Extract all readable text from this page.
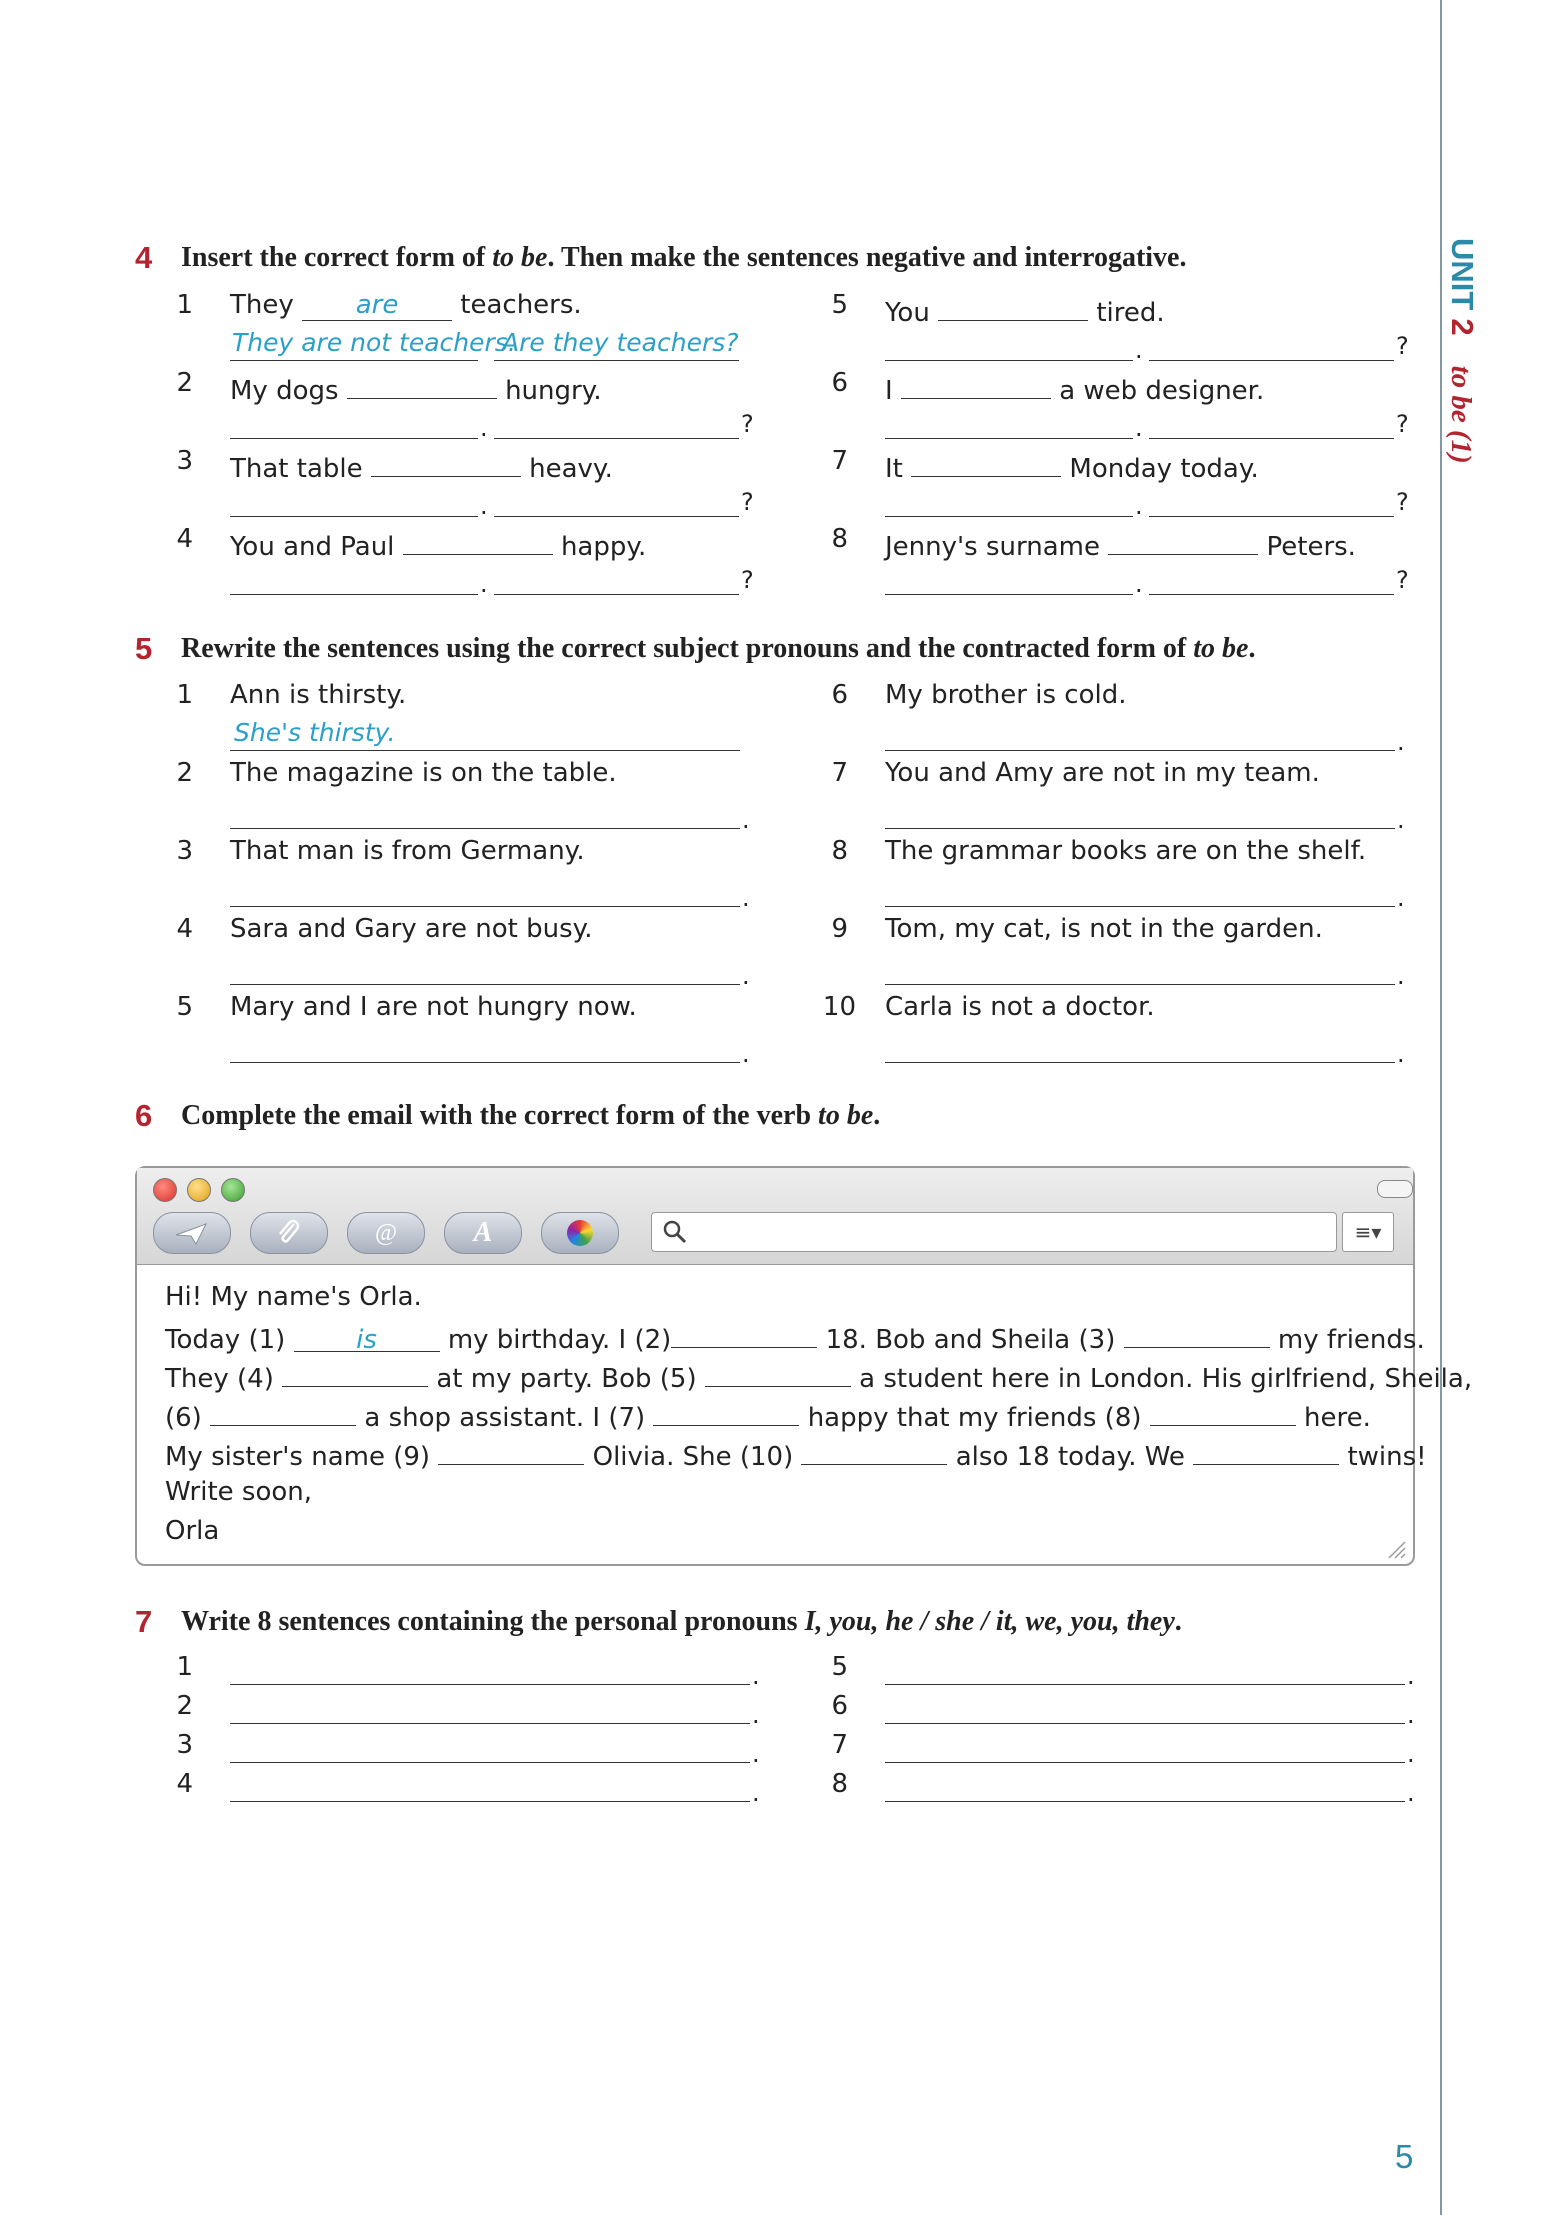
UNIT2to be (1)
5
4 Insert the correct form of to be. Then make the sentences negative and interrogative.
1 They are teachers.
They are not teachers.
Are they teachers?
2 My dogs	hungry.
.	?
3 That table	heavy.
.	?
4 You and Paul	happy.
.	?
5 You	tired.
.	?
6 I	a web designer.
.	?
7 It	Monday today.
.	?
8 Jenny's surname	Peters.
.	?
5 Rewrite the sentences using the correct subject pronouns and the contracted form of to be.
1 Ann is thirsty.
She's thirsty.
2 The magazine is on the table.
.
3 That man is from Germany.
.
4 Sara and Gary are not busy.
.
5 Mary and I are not hungry now.
.
6 My brother is cold.
.
7 You and Amy are not in my team.
.
8 The grammar books are on the shelf.
.
9 Tom, my cat, is not in the garden.
.
10 Carla is not a doctor.
.
6 Complete the email with the correct form of the verb to be.
@	A	≡▾
Hi! My name's Orla.
Today (1)	is	my birthday. I (2)	18. Bob and Sheila (3)	my friends.
They (4)	at my party. Bob (5)	a student here in London. His girlfriend, Sheila,
(6)	a shop assistant. I (7)	happy that my friends (8)	here.
My sister's name (9)	Olivia. She (10)	also 18 today. We	twins!
Write soon,
Orla
7 Write 8 sentences containing the personal pronouns I, you, he / she / it, we, you, they.
1	.
2	.
3	.
4	.
5	.
6	.
7	.
8	.
